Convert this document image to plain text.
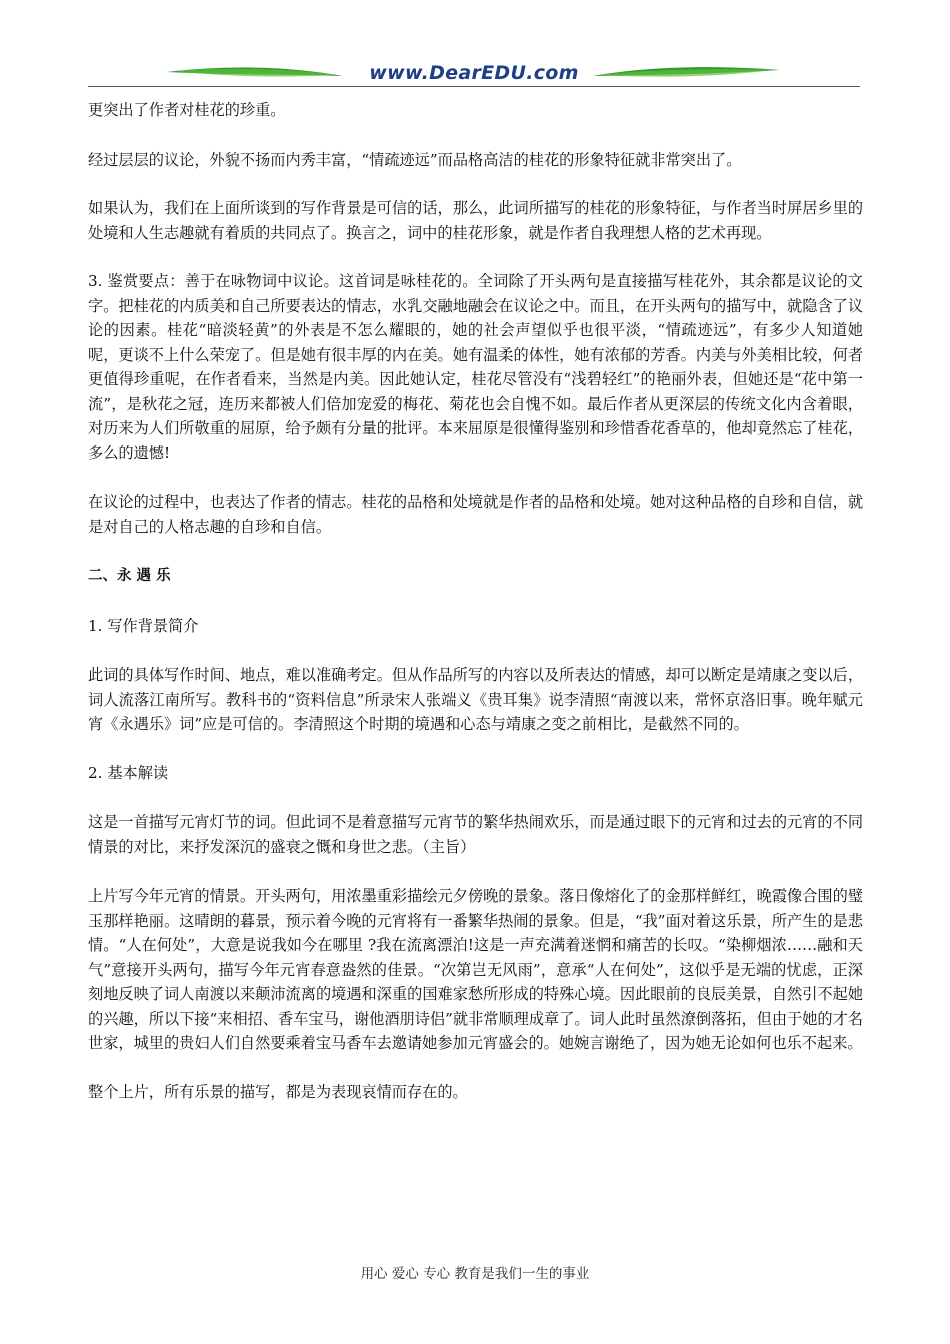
www.DearEDU.com

更突出了作者对桂花的珍重。

经过层层的议论，外貌不扬而内秀丰富，“情疏迹远”而品格高洁的桂花的形象特征就非常突出了。

如果认为，我们在上面所谈到的写作背景是可信的话，那么，此词所描写的桂花的形象特征，与作者当时屏居乡里的处境和人生志趣就有着质的共同点了。换言之，词中的桂花形象，就是作者自我理想人格的艺术再现。

3. 鉴赏要点：善于在咏物词中议论。这首词是咏桂花的。全词除了开头两句是直接描写桂花外，其余都是议论的文字。把桂花的内质美和自己所要表达的情志，水乳交融地融会在议论之中。而且，在开头两句的描写中，就隐含了议论的因素。桂花“暗淡轻黄”的外表是不怎么耀眼的，她的社会声望似乎也很平淡，“情疏迹远”，有多少人知道她呢，更谈不上什么荣宠了。但是她有很丰厚的内在美。她有温柔的体性，她有浓郁的芳香。内美与外美相比较，何者更值得珍重呢，在作者看来，当然是内美。因此她认定，桂花尽管没有“浅碧轻红”的艳丽外表，但她还是“花中第一流”，是秋花之冠，连历来都被人们倍加宠爱的梅花、菊花也会自愧不如。最后作者从更深层的传统文化内含着眼，对历来为人们所敬重的屈原，给予颇有分量的批评。本来屈原是很懂得鉴别和珍惜香花香草的，他却竟然忘了桂花，多么的遗憾!

在议论的过程中，也表达了作者的情志。桂花的品格和处境就是作者的品格和处境。她对这种品格的自珍和自信，就是对自己的人格志趣的自珍和自信。

二、永 遇 乐

1. 写作背景简介

此词的具体写作时间、地点，难以准确考定。但从作品所写的内容以及所表达的情感，却可以断定是靖康之变以后，词人流落江南所写。教科书的“资料信息”所录宋人张端义《贵耳集》说李清照“南渡以来，常怀京洛旧事。晚年赋元宵《永遇乐》词”应是可信的。李清照这个时期的境遇和心态与靖康之变之前相比，是截然不同的。

2. 基本解读

这是一首描写元宵灯节的词。但此词不是着意描写元宵节的繁华热闹欢乐，而是通过眼下的元宵和过去的元宵的不同情景的对比，来抒发深沉的盛衰之慨和身世之悲。（主旨）

上片写今年元宵的情景。开头两句，用浓墨重彩描绘元夕傍晚的景象。落日像熔化了的金那样鲜红，晚霞像合围的璧玉那样艳丽。这晴朗的暮景，预示着今晚的元宵将有一番繁华热闹的景象。但是，“我”面对着这乐景，所产生的是悲情。“人在何处”，大意是说我如今在哪里 ?我在流离漂泊!这是一声充满着迷惘和痛苦的长叹。“染柳烟浓……融和天气”意接开头两句，描写今年元宵春意盎然的佳景。“次第岂无风雨”，意承“人在何处”，这似乎是无端的忧虑，正深刻地反映了词人南渡以来颠沛流离的境遇和深重的国难家愁所形成的特殊心境。因此眼前的良辰美景，自然引不起她的兴趣，所以下接“来相招、香车宝马，谢他酒朋诗侣”就非常顺理成章了。词人此时虽然潦倒落拓，但由于她的才名世家，城里的贵妇人们自然要乘着宝马香车去邀请她参加元宵盛会的。她婉言谢绝了，因为她无论如何也乐不起来。

整个上片，所有乐景的描写，都是为表现哀情而存在的。

用心 爱心 专心 教育是我们一生的事业
